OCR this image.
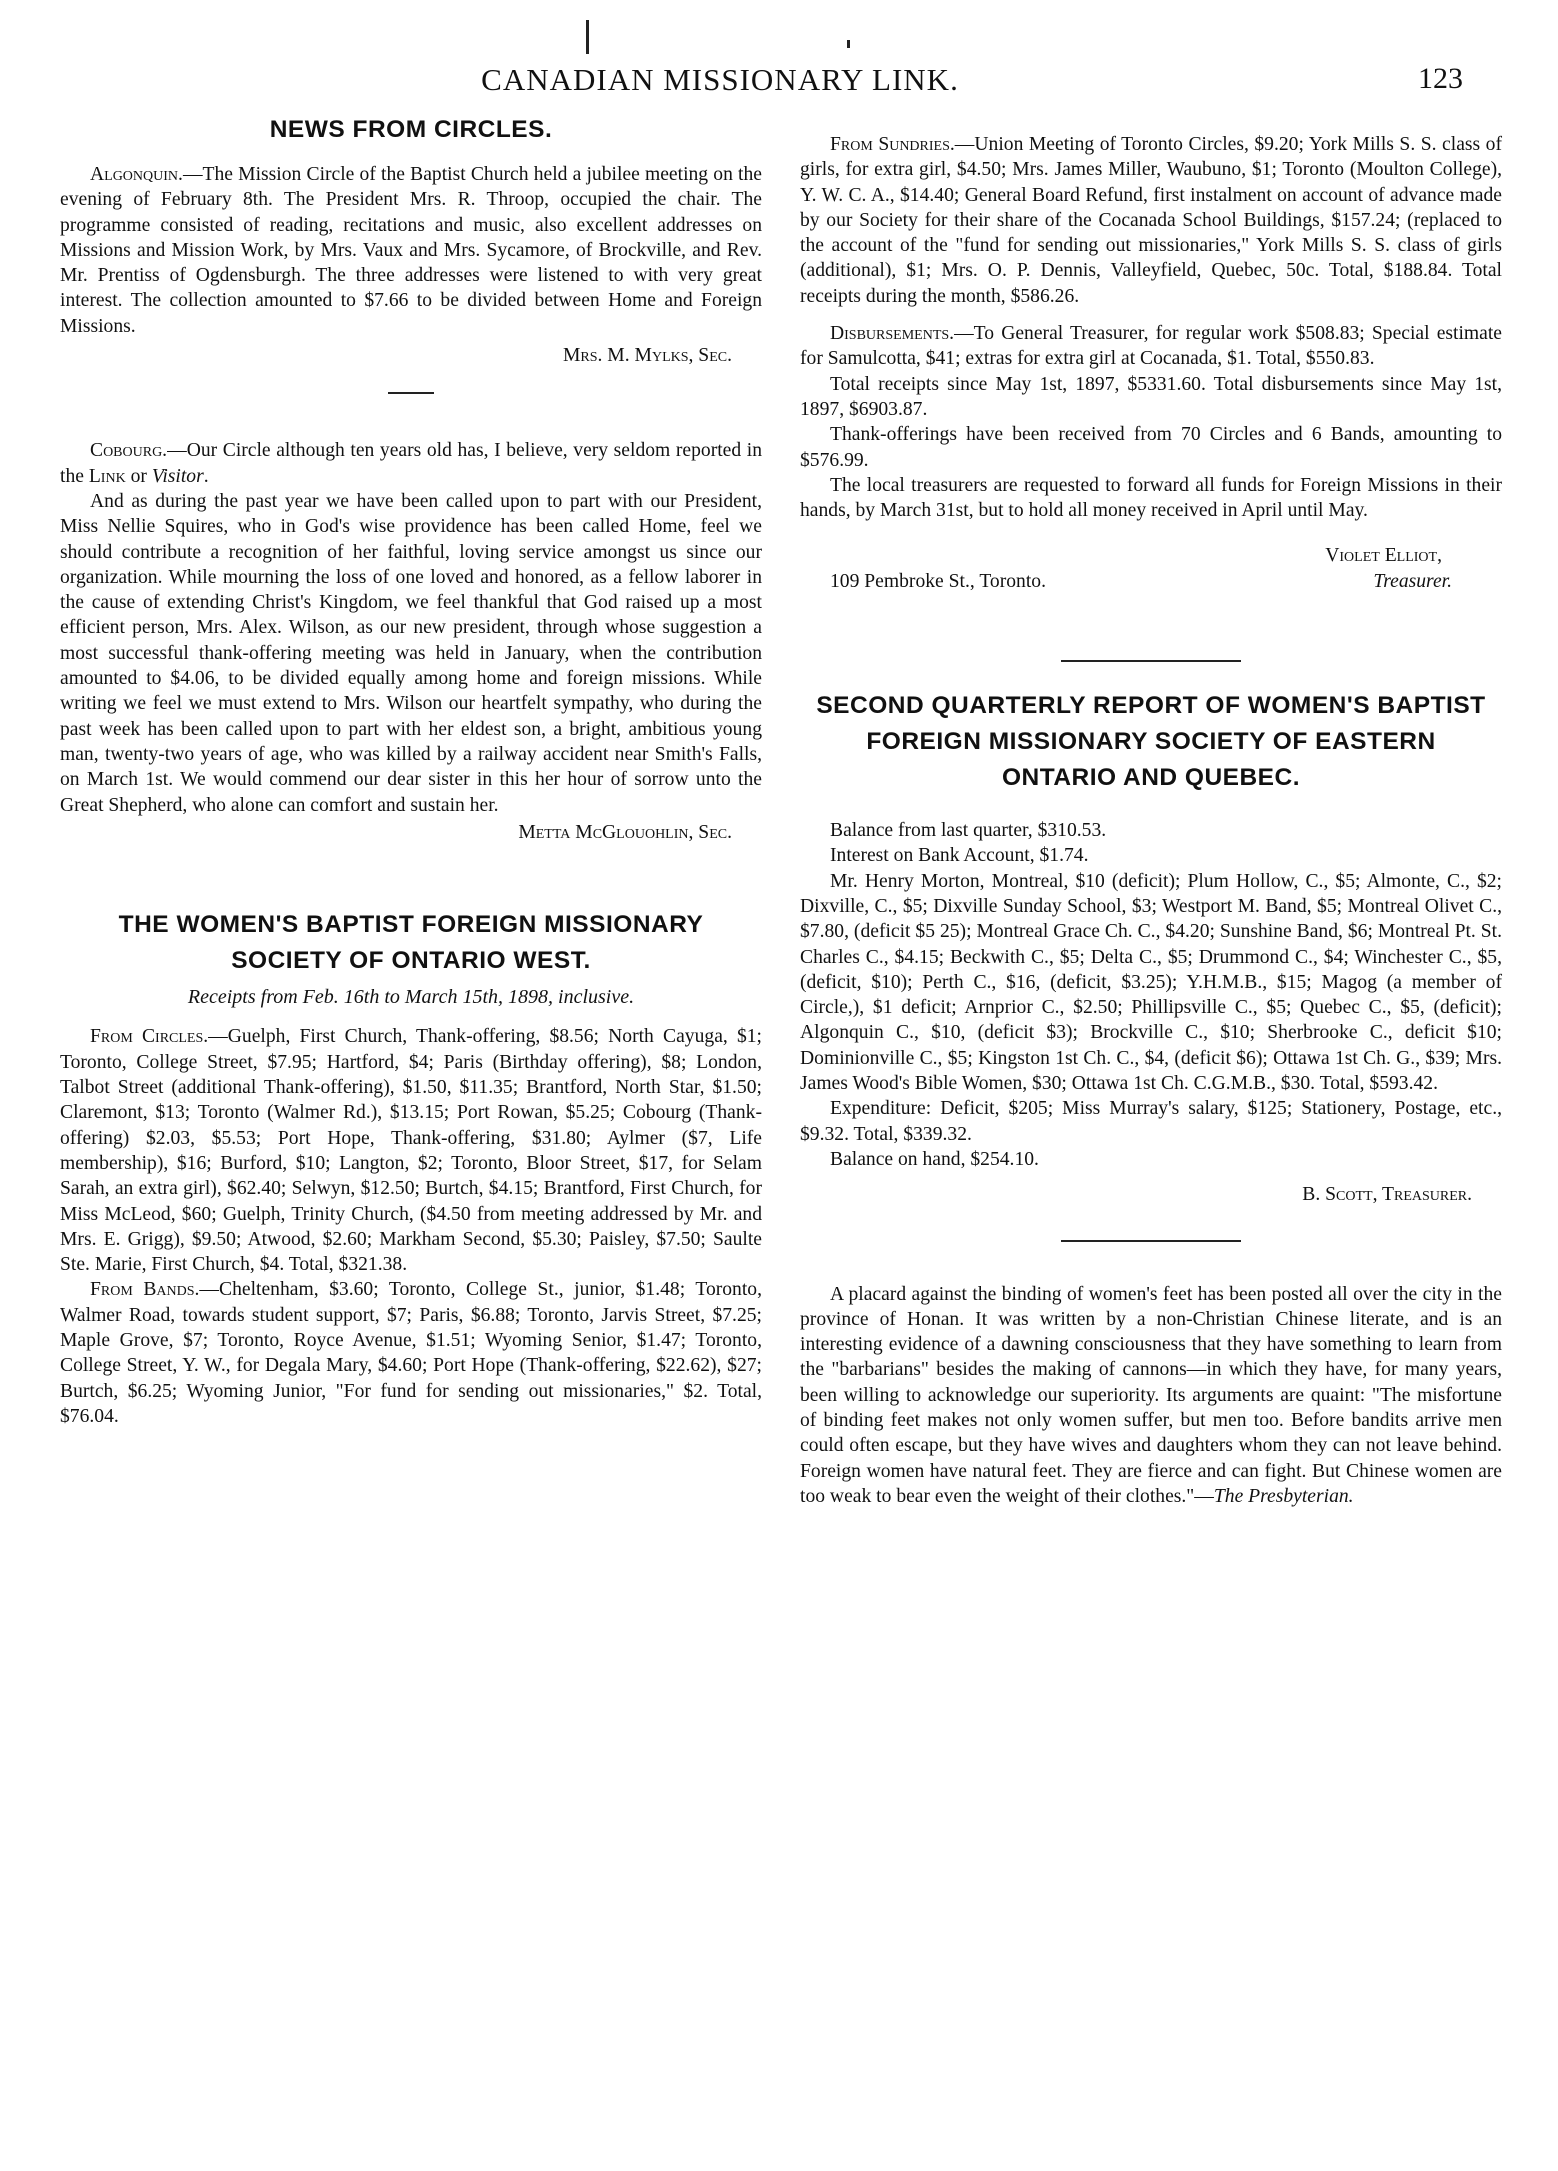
CANADIAN MISSIONARY LINK.	123
NEWS FROM CIRCLES.

Algonquin.—The Mission Circle of the Baptist Church held a jubilee meeting on the evening of February 8th. The President Mrs. R. Throop, occupied the chair. The programme consisted of reading, recitations and music, also excellent addresses on Missions and Mission Work, by Mrs. Vaux and Mrs. Sycamore, of Brockville, and Rev. Mr. Prentiss of Ogdensburgh. The three addresses were listened to with very great interest. The collection amounted to $7.66 to be divided between Home and Foreign Missions.

Mrs. M. Mylks, Sec.

Cobourg.—Our Circle although ten years old has, I believe, very seldom reported in the Link or Visitor.

And as during the past year we have been called upon to part with our President, Miss Nellie Squires, who in God's wise providence has been called Home, feel we should contribute a recognition of her faithful, loving service amongst us since our organization. While mourning the loss of one loved and honored, as a fellow laborer in the cause of extending Christ's Kingdom, we feel thankful that God raised up a most efficient person, Mrs. Alex. Wilson, as our new president, through whose suggestion a most successful thank-offering meeting was held in January, when the contribution amounted to $4.06, to be divided equally among home and foreign missions. While writing we feel we must extend to Mrs. Wilson our heartfelt sympathy, who during the past week has been called upon to part with her eldest son, a bright, ambitious young man, twenty-two years of age, who was killed by a railway accident near Smith's Falls, on March 1st. We would commend our dear sister in this her hour of sorrow unto the Great Shepherd, who alone can comfort and sustain her.

Metta McGlouohlin, Sec.

THE WOMEN'S BAPTIST FOREIGN MISSIONARY
SOCIETY OF ONTARIO WEST.

Receipts from Feb. 16th to March 15th, 1898, inclusive.

From Circles.—Guelph, First Church, Thank-offering, $8.56; North Cayuga, $1; Toronto, College Street, $7.95; Hartford, $4; Paris (Birthday offering), $8; London, Talbot Street (additional Thank-offering), $1.50, $11.35; Brantford, North Star, $1.50; Claremont, $13; Toronto (Walmer Rd.), $13.15; Port Rowan, $5.25; Cobourg (Thank-offering) $2.03, $5.53; Port Hope, Thank-offering, $31.80; Aylmer ($7, Life membership), $16; Burford, $10; Langton, $2; Toronto, Bloor Street, $17, for Selam Sarah, an extra girl), $62.40; Selwyn, $12.50; Burtch, $4.15; Brantford, First Church, for Miss McLeod, $60; Guelph, Trinity Church, ($4.50 from meeting addressed by Mr. and Mrs. E. Grigg), $9.50; Atwood, $2.60; Markham Second, $5.30; Paisley, $7.50; Saulte Ste. Marie, First Church, $4. Total, $321.38.

From Bands.—Cheltenham, $3.60; Toronto, College St., junior, $1.48; Toronto, Walmer Road, towards student support, $7; Paris, $6.88; Toronto, Jarvis Street, $7.25; Maple Grove, $7; Toronto, Royce Avenue, $1.51; Wyoming Senior, $1.47; Toronto, College Street, Y. W., for Degala Mary, $4.60; Port Hope (Thank-offering, $22.62), $27; Burtch, $6.25; Wyoming Junior, "For fund for sending out missionaries," $2. Total, $76.04.

From Sundries.—Union Meeting of Toronto Circles, $9.20; York Mills S. S. class of girls, for extra girl, $4.50; Mrs. James Miller, Waubuno, $1; Toronto (Moulton College), Y. W. C. A., $14.40; General Board Refund, first instalment on account of advance made by our Society for their share of the Cocanada School Buildings, $157.24; (replaced to the account of the "fund for sending out missionaries," York Mills S. S. class of girls (additional), $1; Mrs. O. P. Dennis, Valleyfield, Quebec, 50c. Total, $188.84. Total receipts during the month, $586.26.

Disbursements.—To General Treasurer, for regular work $508.83; Special estimate for Samulcotta, $41; extras for extra girl at Cocanada, $1. Total, $550.83.

Total receipts since May 1st, 1897, $5331.60. Total disbursements since May 1st, 1897, $6903.87.

Thank-offerings have been received from 70 Circles and 6 Bands, amounting to $576.99.

The local treasurers are requested to forward all funds for Foreign Missions in their hands, by March 31st, but to hold all money received in April until May.

Violet Elliot,

109 Pembroke St., Toronto.	Treasurer.
SECOND QUARTERLY REPORT OF WOMEN'S BAPTIST
FOREIGN MISSIONARY SOCIETY OF EASTERN
ONTARIO AND QUEBEC.

Balance from last quarter, $310.53.

Interest on Bank Account, $1.74.

Mr. Henry Morton, Montreal, $10 (deficit); Plum Hollow, C., $5; Almonte, C., $2; Dixville, C., $5; Dixville Sunday School, $3; Westport M. Band, $5; Montreal Olivet C., $7.80, (deficit $5 25); Montreal Grace Ch. C., $4.20; Sunshine Band, $6; Montreal Pt. St. Charles C., $4.15; Beckwith C., $5; Delta C., $5; Drummond C., $4; Winchester C., $5, (deficit, $10); Perth C., $16, (deficit, $3.25); Y.H.M.B., $15; Magog (a member of Circle,), $1 deficit; Arnprior C., $2.50; Phillipsville C., $5; Quebec C., $5, (deficit); Algonquin C., $10, (deficit $3); Brockville C., $10; Sherbrooke C., deficit $10; Dominionville C., $5; Kingston 1st Ch. C., $4, (deficit $6); Ottawa 1st Ch. G., $39; Mrs. James Wood's Bible Women, $30; Ottawa 1st Ch. C.G.M.B., $30. Total, $593.42.

Expenditure: Deficit, $205; Miss Murray's salary, $125; Stationery, Postage, etc., $9.32. Total, $339.32.

Balance on hand, $254.10.

B. Scott, Treasurer.

A placard against the binding of women's feet has been posted all over the city in the province of Honan. It was written by a non-Christian Chinese literate, and is an interesting evidence of a dawning consciousness that they have something to learn from the "barbarians" besides the making of cannons—in which they have, for many years, been willing to acknowledge our superiority. Its arguments are quaint: "The misfortune of binding feet makes not only women suffer, but men too. Before bandits arrive men could often escape, but they have wives and daughters whom they can not leave behind. Foreign women have natural feet. They are fierce and can fight. But Chinese women are too weak to bear even the weight of their clothes."—The Presbyterian.
